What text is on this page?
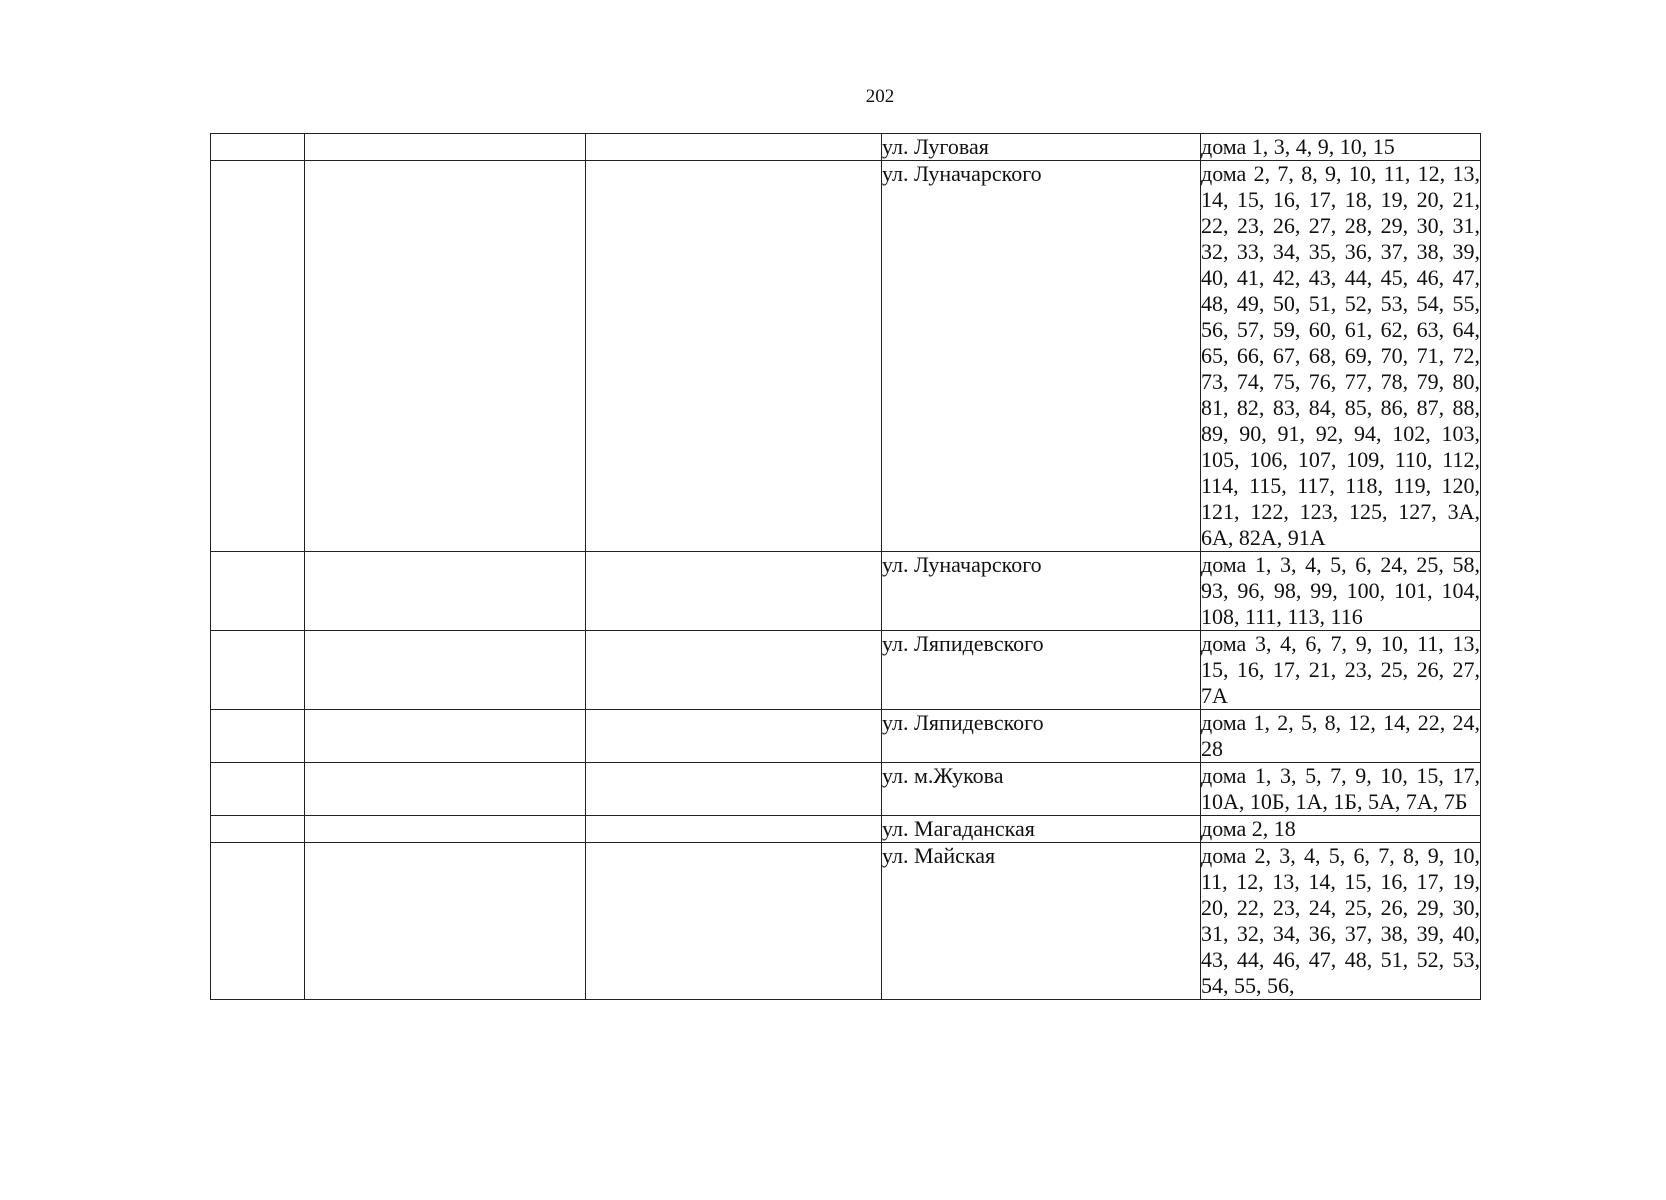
202
			ул. Луговая	дома 1, 3, 4, 9, 10, 15
			ул. Луначарского	дома 2, 7, 8, 9, 10, 11, 12, 13, 14, 15, 16, 17, 18, 19, 20, 21, 22, 23, 26, 27, 28, 29, 30, 31, 32, 33, 34, 35, 36, 37, 38, 39, 40, 41, 42, 43, 44, 45, 46, 47, 48, 49, 50, 51, 52, 53, 54, 55, 56, 57, 59, 60, 61, 62, 63, 64, 65, 66, 67, 68, 69, 70, 71, 72, 73, 74, 75, 76, 77, 78, 79, 80, 81, 82, 83, 84, 85, 86, 87, 88, 89, 90, 91, 92, 94, 102, 103, 105, 106, 107, 109, 110, 112, 114, 115, 117, 118, 119, 120, 121, 122, 123, 125, 127, 3А, 6А, 82А, 91А
			ул. Луначарского	дома 1, 3, 4, 5, 6, 24, 25, 58, 93, 96, 98, 99, 100, 101, 104, 108, 111, 113, 116
			ул. Ляпидевского	дома 3, 4, 6, 7, 9, 10, 11, 13, 15, 16, 17, 21, 23, 25, 26, 27, 7А
			ул. Ляпидевского	дома 1, 2, 5, 8, 12, 14, 22, 24, 28
			ул. м.Жукова	дома 1, 3, 5, 7, 9, 10, 15, 17, 10А, 10Б, 1А, 1Б, 5А, 7А, 7Б
			ул. Магаданская	дома 2, 18
			ул. Майская	дома 2, 3, 4, 5, 6, 7, 8, 9, 10, 11, 12, 13, 14, 15, 16, 17, 19, 20, 22, 23, 24, 25, 26, 29, 30, 31, 32, 34, 36, 37, 38, 39, 40, 43, 44, 46, 47, 48, 51, 52, 53, 54, 55, 56,
